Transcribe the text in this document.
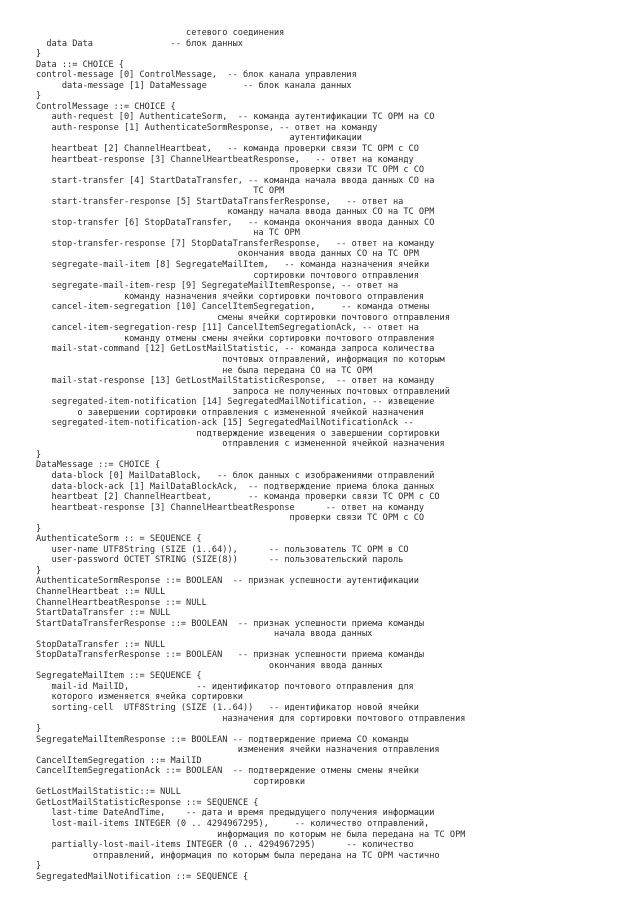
сетевого соединения
data Data               -- блок данных
}
Data ::= CHOICE {
control-message [0] ControlMessage,  -- блок канала управления
data-message [1] DataMessage       -- блок канала данных
}
ControlMessage ::= CHOICE {
auth-request [0] AuthenticateSorm,  -- команда аутентификации ТС ОРМ на СО
auth-response [1] AuthenticateSormResponse, -- ответ на команду
аутентификации
heartbeat [2] ChannelHeartbeat,   -- команда проверки связи ТС ОРМ с СО
heartbeat-response [3] ChannelHeartbeatResponse,   -- ответ на команду
проверки связи ТС ОРМ с СО
start-transfer [4] StartDataTransfer, -- команда начала ввода данных СО на
ТС ОРМ
start-transfer-response [5] StartDataTransferResponse,   -- ответ на
команду начала ввода данных СО на ТС ОРМ
stop-transfer [6] StopDataTransfer,   -- команда окончания ввода данных СО
на ТС ОРМ
stop-transfer-response [7] StopDataTransferResponse,   -- ответ на команду
окончания ввода данных СО на ТС ОРМ
segregate-mail-item [8] SegregateMailItem,   -- команда назначения ячейки
сортировки почтового отправления
segregate-mail-item-resp [9] SegregateMailItemResponse, -- ответ на
команду назначения ячейки сортировки почтового отправления
cancel-item-segregation [10] CancelItemSegregation,     -- команда отмены
смены ячейки сортировки почтового отправления
cancel-item-segregation-resp [11] CancelItemSegregationAck, -- ответ на
команду отмены смены ячейки сортировки почтового отправления
mail-stat-command [12] GetLostMailStatistic, -- команда запроса количества
почтовых отправлений, информация по которым
не была передана СО на ТС ОРМ
mail-stat-response [13] GetLostMailStatisticResponse,  -- ответ на команду
запроса не полученных почтовых отправлений
segregated-item-notification [14] SegregatedMailNotification, -- извещение
о завершении сортировки отправления с измененной ячейкой назначения
segregated-item-notification-ack [15] SegregatedMailNotificationAck --
подтверждение извещения о завершении сортировки
отправления с измененной ячейкой назначения
}
DataMessage ::= CHOICE {
data-block [0] MailDataBlock,   -- блок данных с изображениями отправлений
data-block-ack [1] MailDataBlockAck,  -- подтверждение приема блока данных
heartbeat [2] ChannelHeartbeat,       -- команда проверки связи ТС ОРМ с СО
heartbeat-response [3] ChannelHeartbeatResponse      -- ответ на команду
проверки связи ТС ОРМ с СО
}
AuthenticateSorm :: = SEQUENCE {
user-name UTF8String (SIZE (1..64)),      -- пользователь ТС ОРМ в СО
user-password OCTET STRING (SIZE(8))      -- пользовательский пароль
}
AuthenticateSormResponse ::= BOOLEAN  -- признак успешности аутентификации
ChannelHeartbeat ::= NULL
ChannelHeartbeatResponse ::= NULL
StartDataTransfer ::= NULL
StartDataTransferResponse ::= BOOLEAN  -- признак успешности приема команды
начала ввода данных
StopDataTransfer ::= NULL
StopDataTransferResponse ::= BOOLEAN   -- признак успешности приема команды
окончания ввода данных
SegregateMailItem ::= SEQUENCE {
mail-id MailID,             -- идентификатор почтового отправления для
которого изменяется ячейка сортировки
sorting-cell  UTF8String (SIZE (1..64))   -- идентификатор новой ячейки
назначения для сортировки почтового отправления
}
SegregateMailItemResponse ::= BOOLEAN -- подтверждение приема СО команды
изменения ячейки назначения отправления
CancelItemSegregation ::= MailID
CancelItemSegregationAck ::= BOOLEAN  -- подтверждение отмены смены ячейки
сортировки
GetLostMailStatistic::= NULL
GetLostMailStatisticResponse ::= SEQUENCE {
last-time DateAndTime,    -- дата и время предыдущего получения информации
lost-mail-items INTEGER (0 .. 4294967295),     -- количество отправлений,
информация по которым не была передана на ТС ОРМ
partially-lost-mail-items INTEGER (0 .. 4294967295)      -- количество
отправлений, информация по которым была передана на ТС ОРМ частично
}
SegregatedMailNotification ::= SEQUENCE {
